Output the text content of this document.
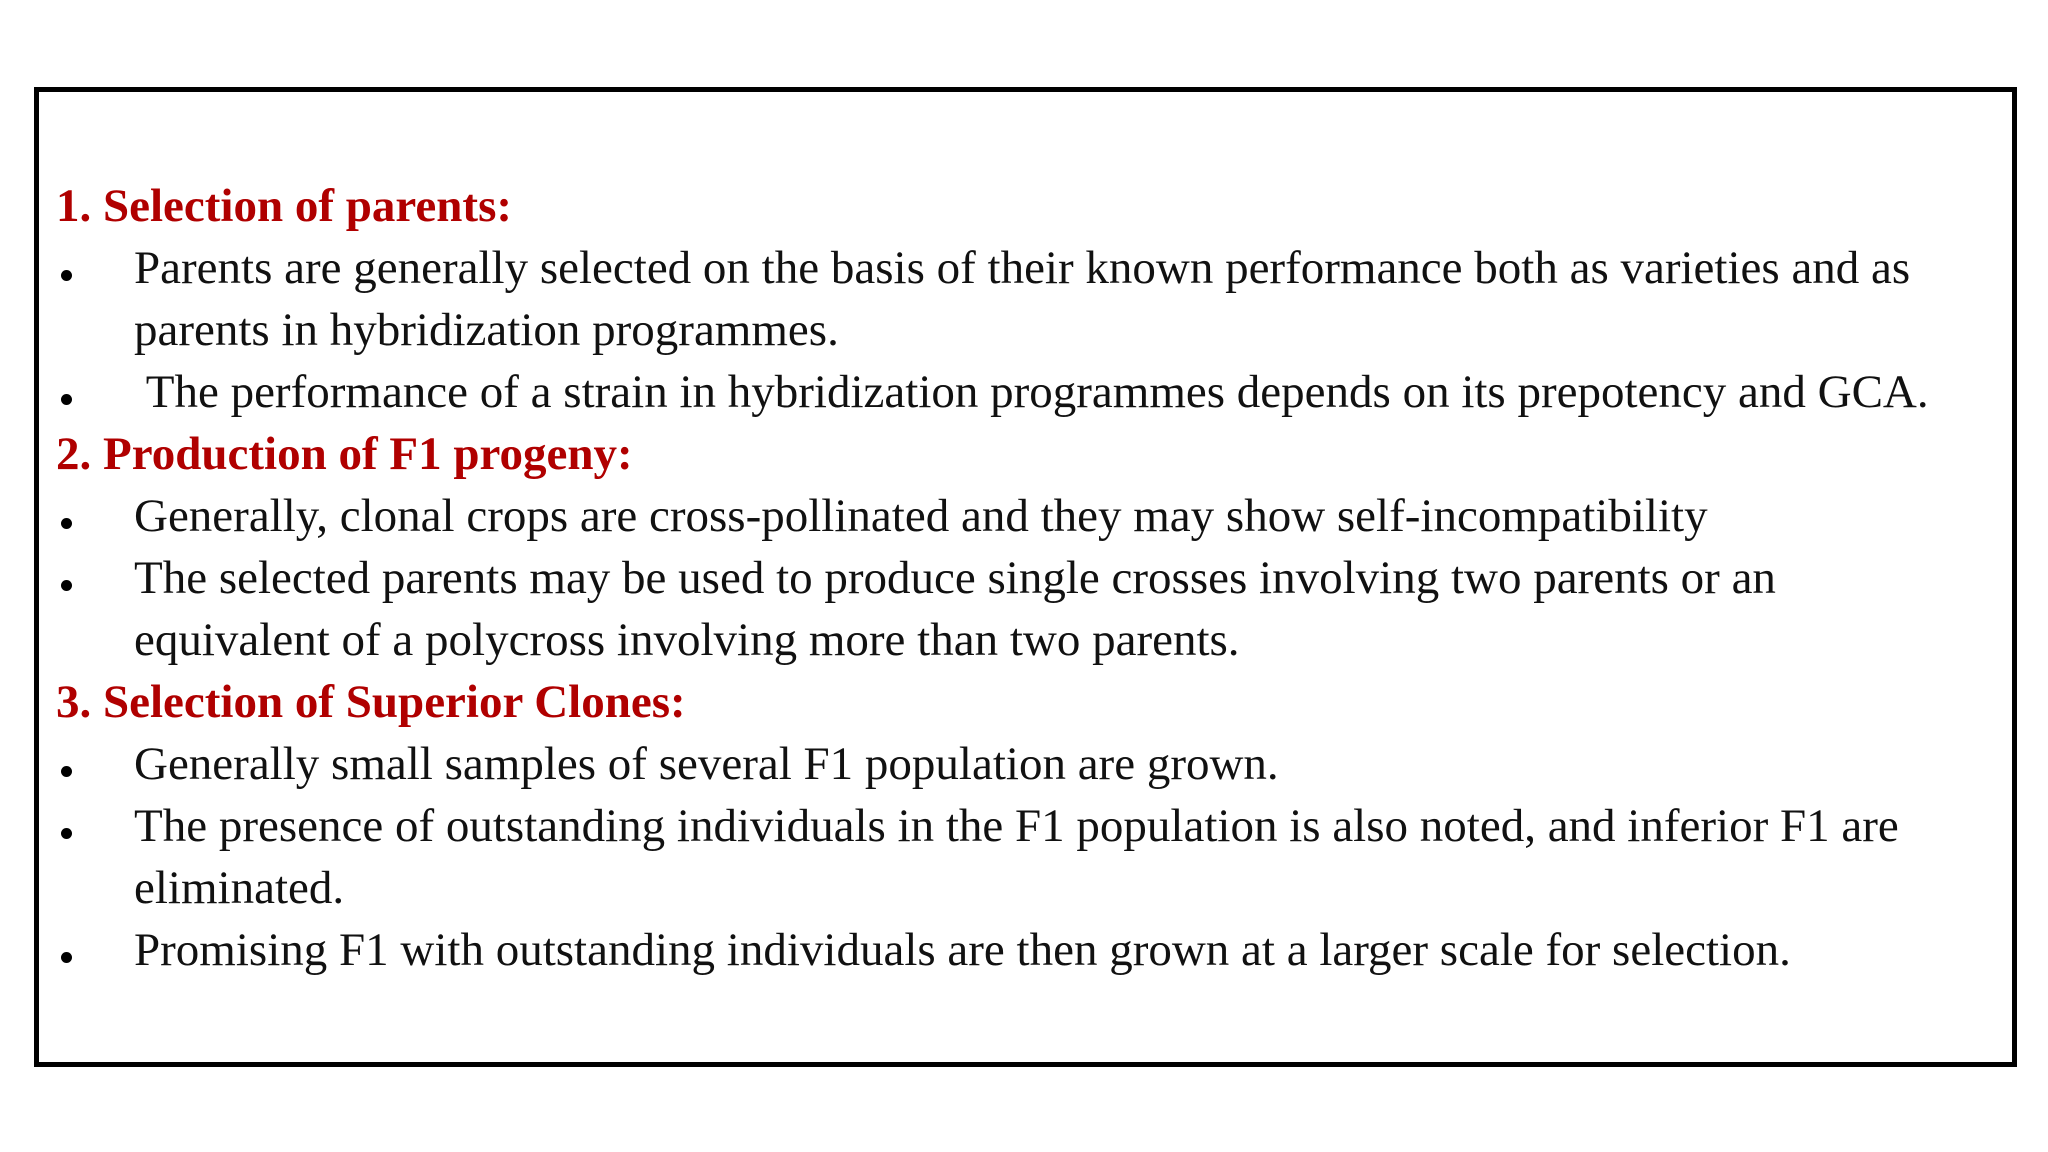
1. Selection of parents:
Parents are generally selected on the basis of their known performance both as varieties and as parents in hybridization programmes.
The performance of a strain in hybridization programmes depends on its prepotency and GCA.
2. Production of F1 progeny:
Generally, clonal crops are cross-pollinated and they may show self-incompatibility
The selected parents may be used to produce single crosses involving two parents or an equivalent of a polycross involving more than two parents.
3. Selection of Superior Clones:
Generally small samples of several F1 population are grown.
The presence of outstanding individuals in the F1 population is also noted, and inferior F1 are eliminated.
Promising F1 with outstanding individuals are then grown at a larger scale for selection.
